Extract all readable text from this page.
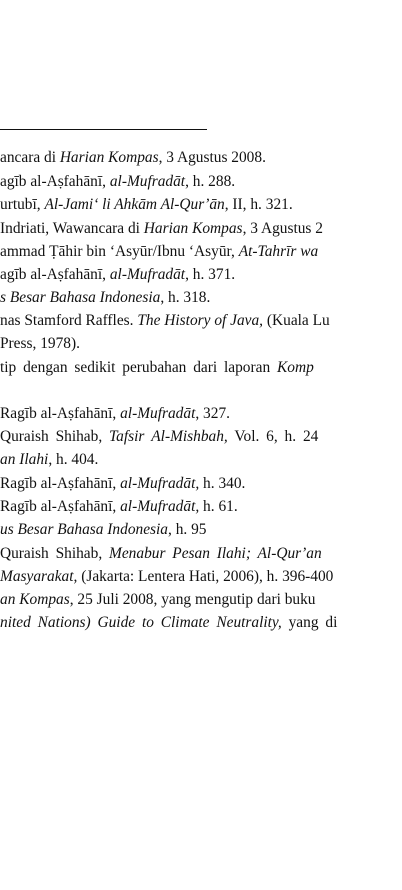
ancara di Harian Kompas, 3 Agustus 2008.
agīb al-Aṣfahānī, al-Mufradāt, h. 288.
urtubī, Al-Jamiʻ li Ahkām Al-Qurʼān, II, h. 321.
Indriati, Wawancara di Harian Kompas, 3 Agustus 2
ammad Ṭāhir bin ‘Asyūr/Ibnu ‘Asyūr, At-Tahrīr wa
agīb al-Aṣfahānī, al-Mufradāt, h. 371.
s Besar Bahasa Indonesia, h. 318.
nas Stamford Raffles. The History of Java, (Kuala Lu
Press, 1978).
tip dengan sedikit perubahan dari laporan Komp
Ragīb al-Aṣfahānī, al-Mufradāt, 327.
Quraish Shihab, Tafsir Al-Mishbah, Vol. 6, h. 24
an Ilahi, h. 404.
Ragīb al-Aṣfahānī, al-Mufradāt, h. 340.
Ragīb al-Aṣfahānī, al-Mufradāt, h. 61.
us Besar Bahasa Indonesia, h. 95
Quraish Shihab, Menabur Pesan Ilahi; Al-Qurʼan
Masyarakat, (Jakarta: Lentera Hati, 2006), h. 396-400
an Kompas, 25 Juli 2008, yang mengutip dari buku
nited Nations) Guide to Climate Neutrality, yang di
